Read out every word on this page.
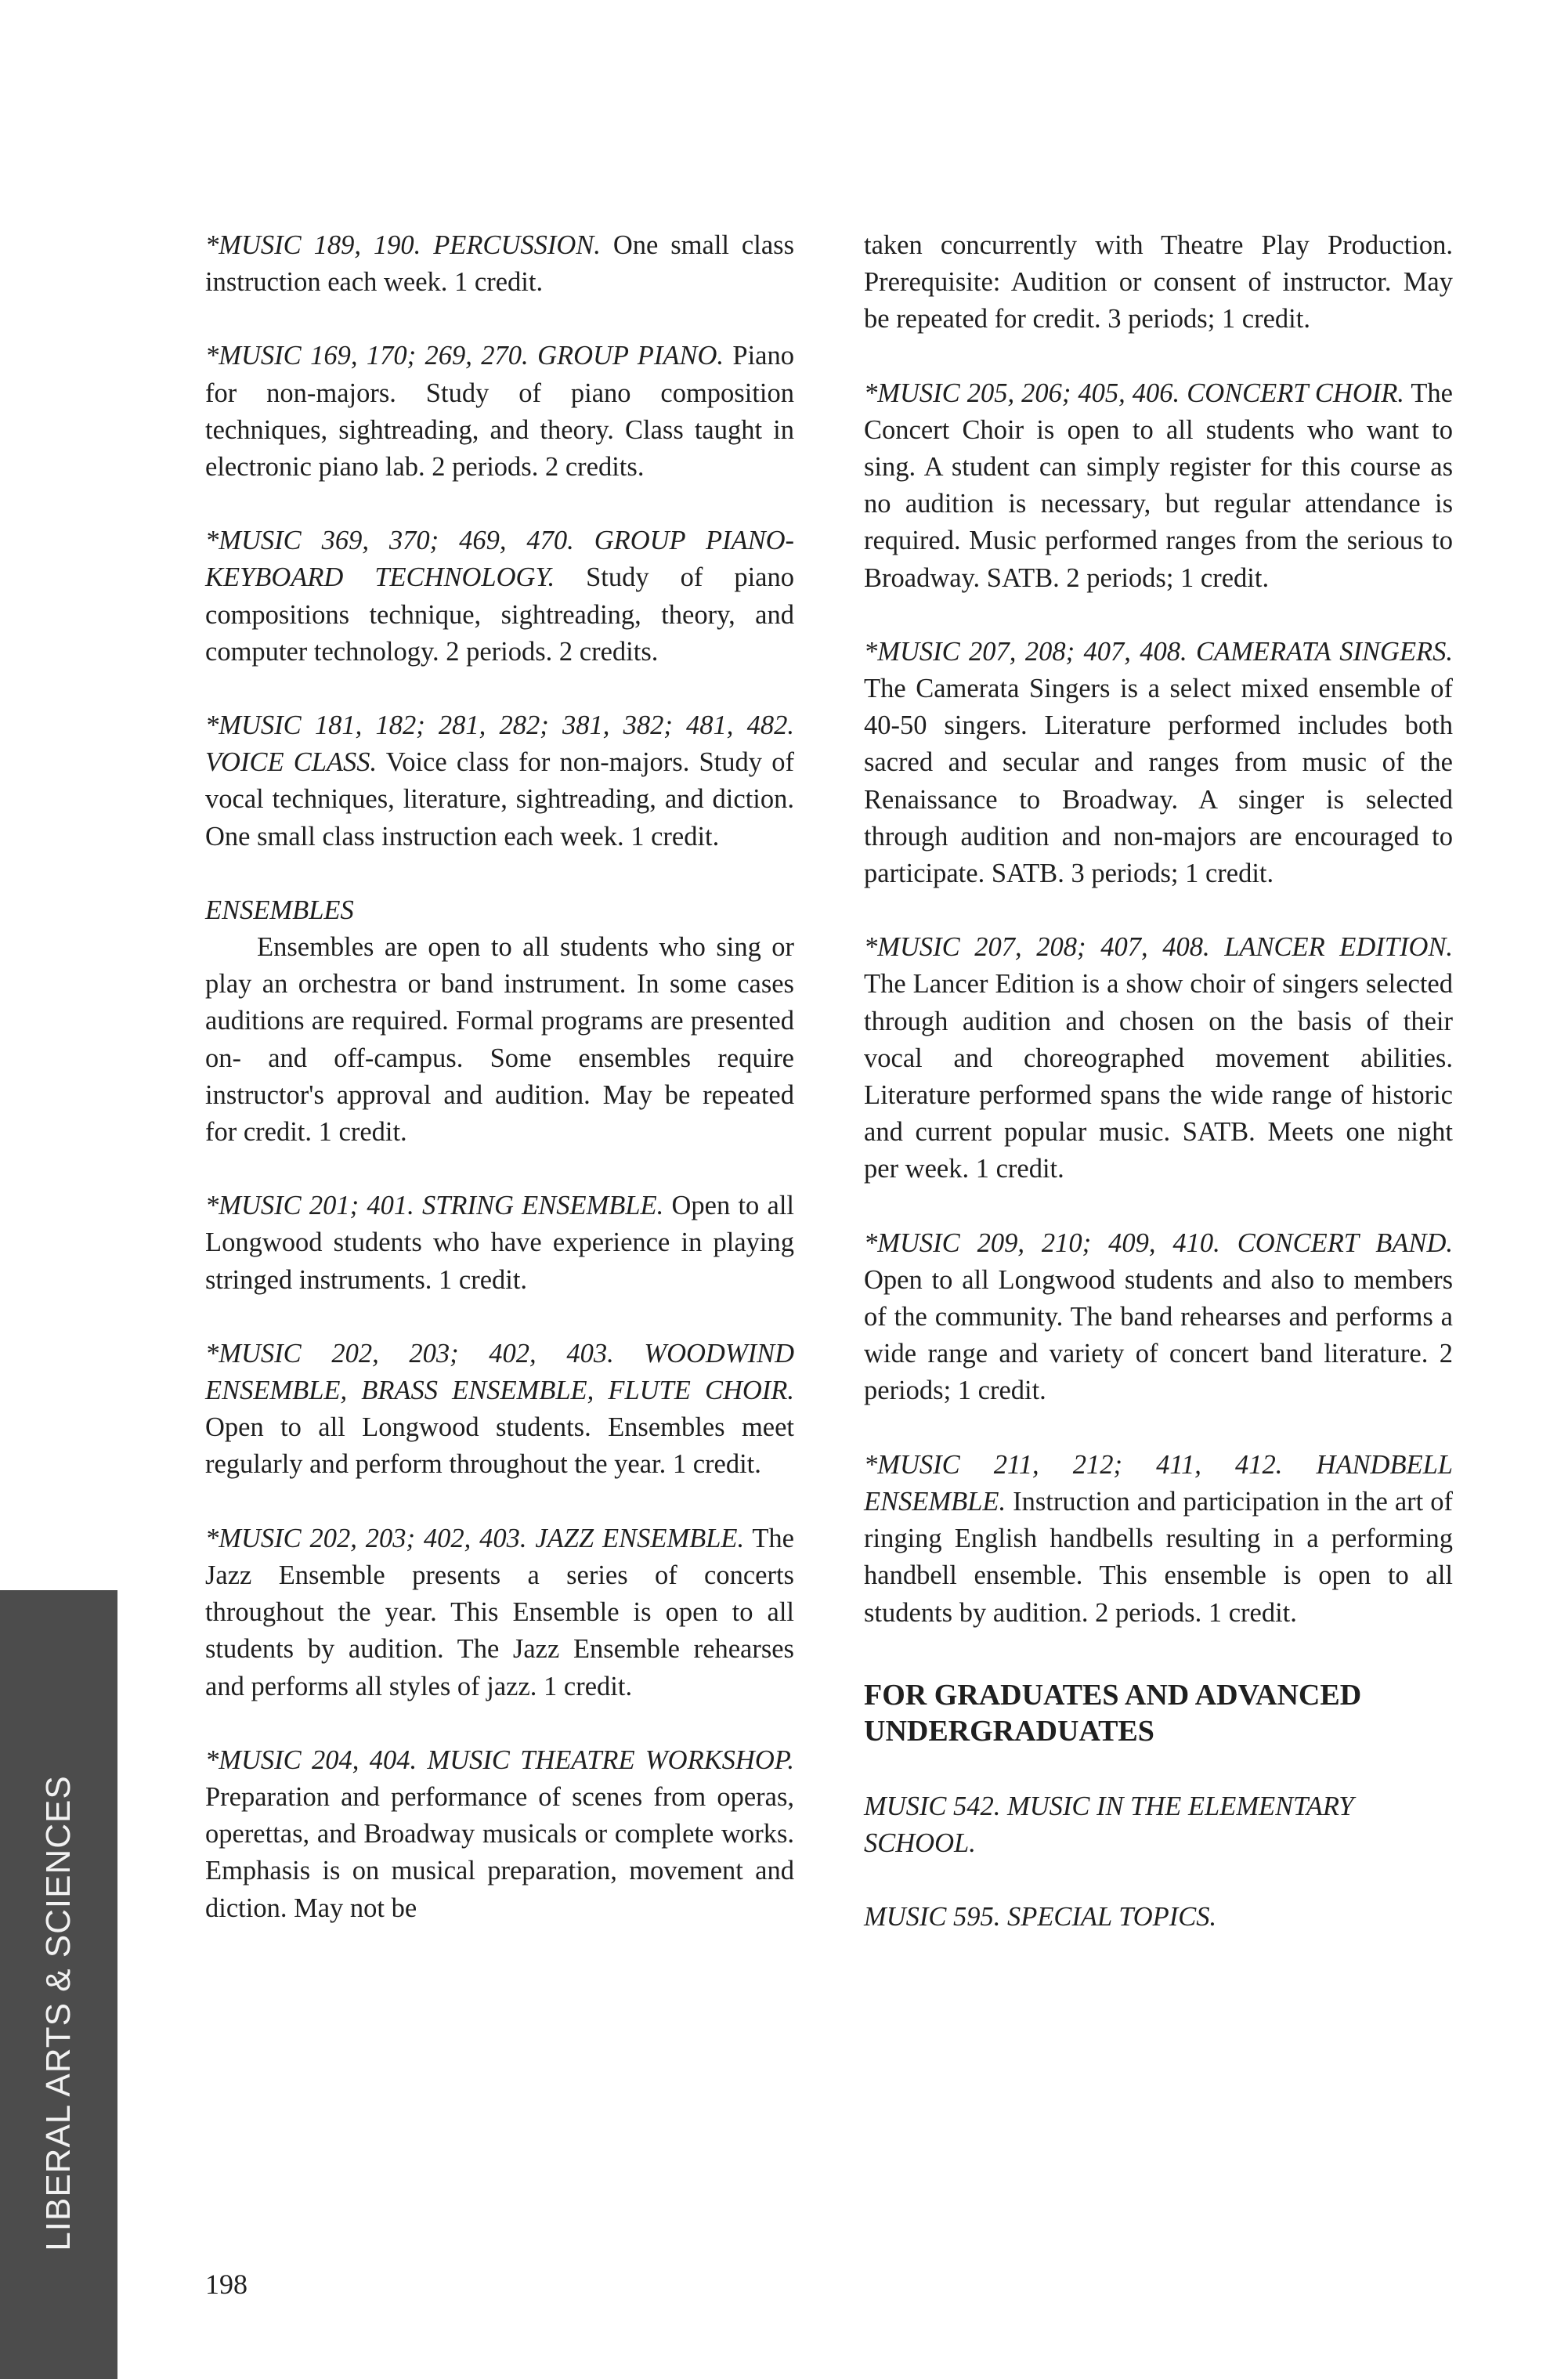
LIBERAL ARTS & SCIENCES

*MUSIC 189, 190. PERCUSSION. One small class instruction each week. 1 credit.

*MUSIC 169, 170; 269, 270. GROUP PIANO. Piano for non-majors. Study of piano composition techniques, sightreading, and theory. Class taught in electronic piano lab. 2 periods. 2 credits.

*MUSIC 369, 370; 469, 470. GROUP PIANO-KEYBOARD TECHNOLOGY. Study of piano compositions technique, sightreading, theory, and computer technology. 2 periods. 2 credits.

*MUSIC 181, 182; 281, 282; 381, 382; 481, 482. VOICE CLASS. Voice class for non-majors. Study of vocal techniques, literature, sightreading, and diction. One small class instruction each week. 1 credit.

ENSEMBLES

Ensembles are open to all students who sing or play an orchestra or band instrument. In some cases auditions are required. Formal programs are presented on- and off-campus. Some ensembles require instructor's approval and audition. May be repeated for credit. 1 credit.

*MUSIC 201; 401. STRING ENSEMBLE. Open to all Longwood students who have experience in playing stringed instruments. 1 credit.

*MUSIC 202, 203; 402, 403. WOODWIND ENSEMBLE, BRASS ENSEMBLE, FLUTE CHOIR. Open to all Longwood students. Ensembles meet regularly and perform throughout the year. 1 credit.

*MUSIC 202, 203; 402, 403. JAZZ ENSEMBLE. The Jazz Ensemble presents a series of concerts throughout the year. This Ensemble is open to all students by audition. The Jazz Ensemble rehearses and performs all styles of jazz. 1 credit.

*MUSIC 204, 404. MUSIC THEATRE WORKSHOP. Preparation and performance of scenes from operas, operettas, and Broadway musicals or complete works. Emphasis is on musical preparation, movement and diction. May not be

taken concurrently with Theatre Play Production. Prerequisite: Audition or consent of instructor. May be repeated for credit. 3 periods; 1 credit.

*MUSIC 205, 206; 405, 406. CONCERT CHOIR. The Concert Choir is open to all students who want to sing. A student can simply register for this course as no audition is necessary, but regular attendance is required. Music performed ranges from the serious to Broadway. SATB. 2 periods; 1 credit.

*MUSIC 207, 208; 407, 408. CAMERATA SINGERS. The Camerata Singers is a select mixed ensemble of 40-50 singers. Literature performed includes both sacred and secular and ranges from music of the Renaissance to Broadway. A singer is selected through audition and non-majors are encouraged to participate. SATB. 3 periods; 1 credit.

*MUSIC 207, 208; 407, 408. LANCER EDITION. The Lancer Edition is a show choir of singers selected through audition and chosen on the basis of their vocal and choreographed movement abilities. Literature performed spans the wide range of historic and current popular music. SATB. Meets one night per week. 1 credit.

*MUSIC 209, 210; 409, 410. CONCERT BAND. Open to all Longwood students and also to members of the community. The band rehearses and performs a wide range and variety of concert band literature. 2 periods; 1 credit.

*MUSIC 211, 212; 411, 412. HANDBELL ENSEMBLE. Instruction and participation in the art of ringing English handbells resulting in a performing handbell ensemble. This ensemble is open to all students by audition. 2 periods. 1 credit.

FOR GRADUATES AND ADVANCED UNDERGRADUATES

MUSIC 542. MUSIC IN THE ELEMENTARY SCHOOL.

MUSIC 595. SPECIAL TOPICS.

198
